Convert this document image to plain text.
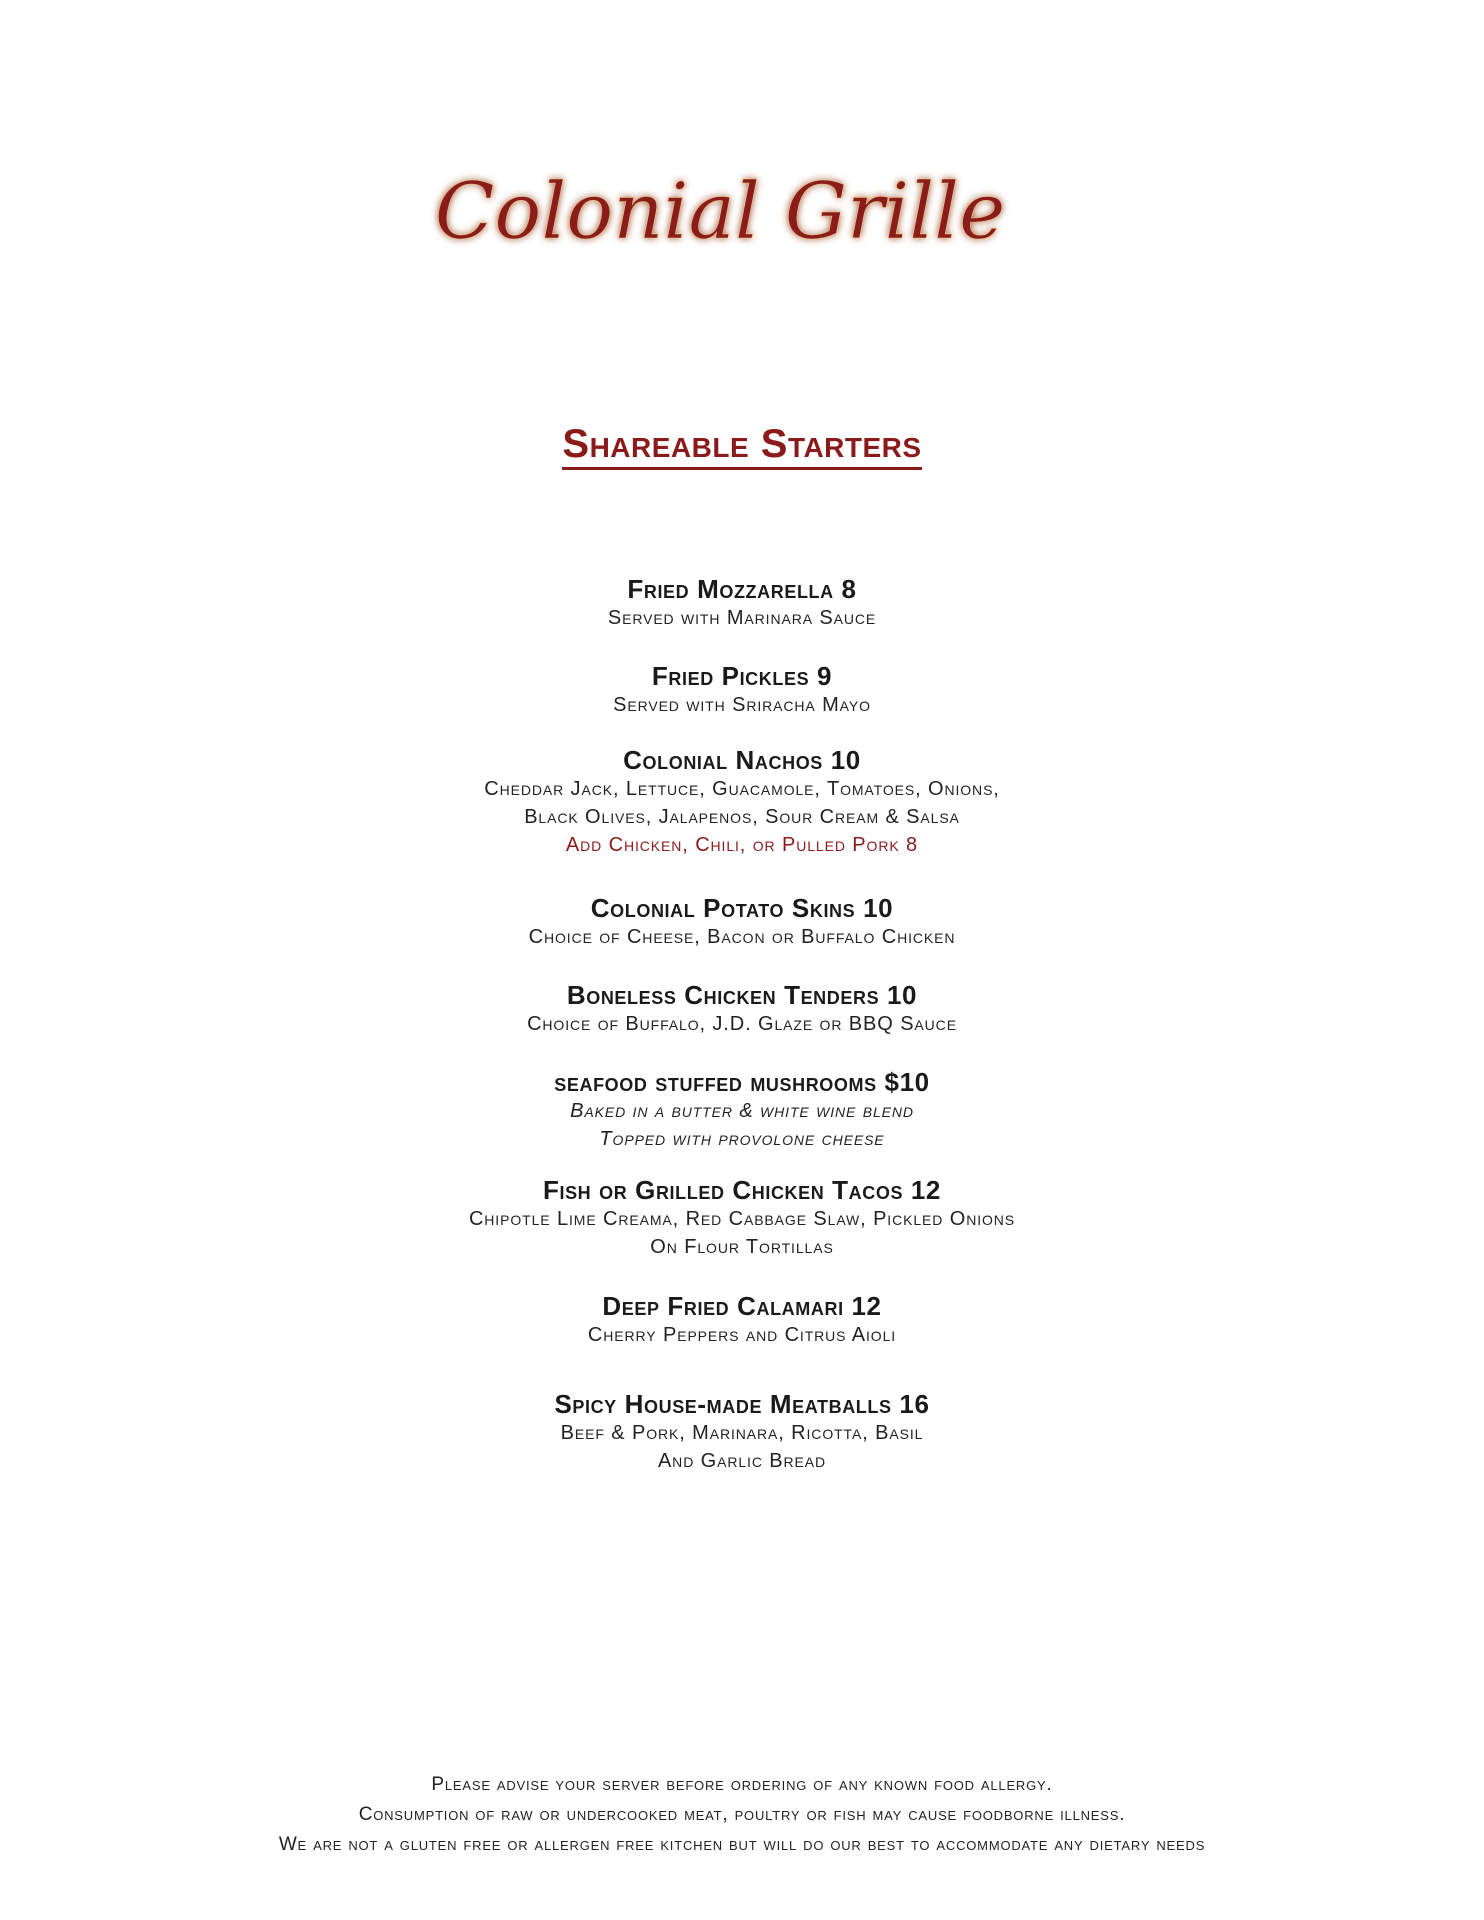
Colonial Grille
Shareable Starters
Fried Mozzarella 8
Served with Marinara Sauce
Fried Pickles 9
Served with Sriracha Mayo
Colonial Nachos 10
Cheddar Jack, Lettuce, Guacamole, Tomatoes, Onions,
Black Olives, Jalapenos, Sour Cream & Salsa
Add Chicken, Chili, or Pulled Pork 8
Colonial Potato Skins 10
Choice of Cheese, Bacon or Buffalo Chicken
Boneless Chicken Tenders 10
Choice of Buffalo, J.D. Glaze or BBQ Sauce
seafood stuffed mushrooms $10
Baked in a butter & white wine blend
Topped with provolone cheese
Fish or Grilled Chicken Tacos 12
Chipotle Lime Creama, Red Cabbage Slaw, Pickled Onions
On Flour Tortillas
Deep Fried Calamari 12
Cherry Peppers and Citrus Aioli
Spicy House-made Meatballs 16
Beef & Pork, Marinara, Ricotta, Basil
And Garlic Bread
Please advise your server before ordering of any known food allergy.
Consumption of raw or undercooked meat, poultry or fish may cause foodborne illness.
We are not a gluten free or allergen free kitchen but will do our best to accommodate any dietary needs
